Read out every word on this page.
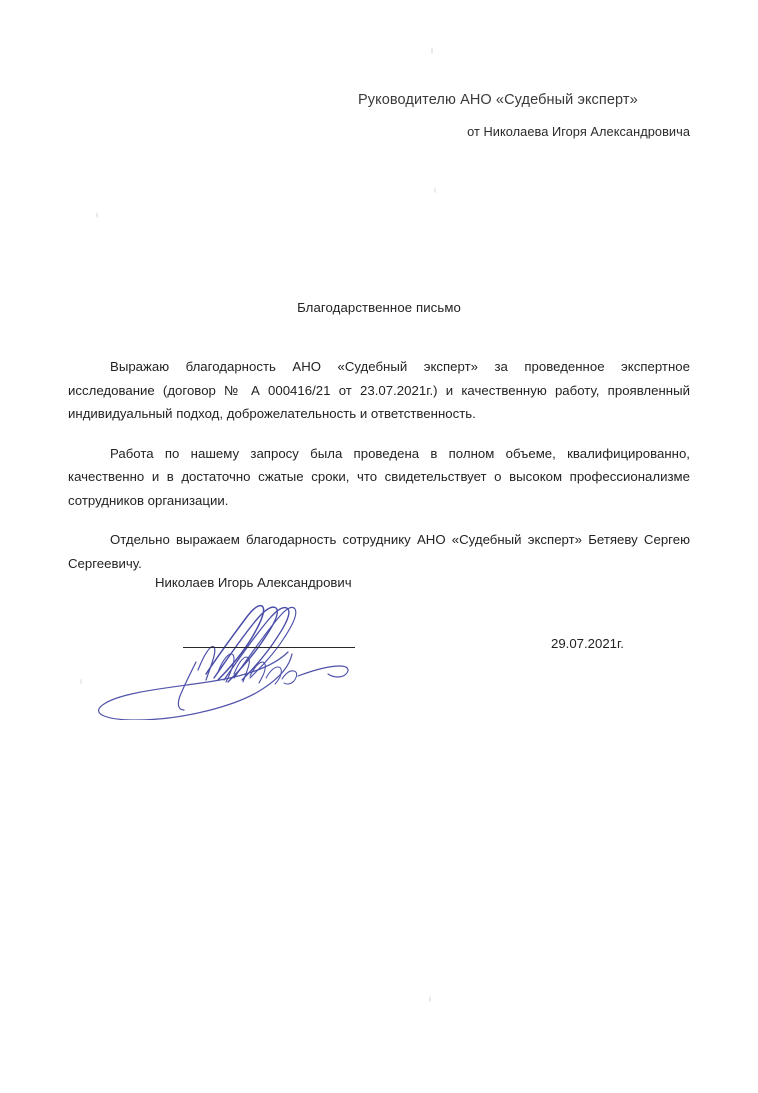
Руководителю АНО «Судебный эксперт»
от Николаева Игоря Александровича
Благодарственное письмо

Выражаю благодарность АНО «Судебный эксперт» за проведенное экспертное исследование (договор № А 000416/21 от 23.07.2021г.) и качественную работу, проявленный индивидуальный подход, доброжелательность и ответственность.

Работа по нашему запросу была проведена в полном объеме, квалифицированно, качественно и в достаточно сжатые сроки, что свидетельствует о высоком профессионализме сотрудников организации.

Отдельно выражаем благодарность сотруднику АНО «Судебный эксперт» Бетяеву Сергею Сергеевичу.

Николаев Игорь Александрович
29.07.2021г.
